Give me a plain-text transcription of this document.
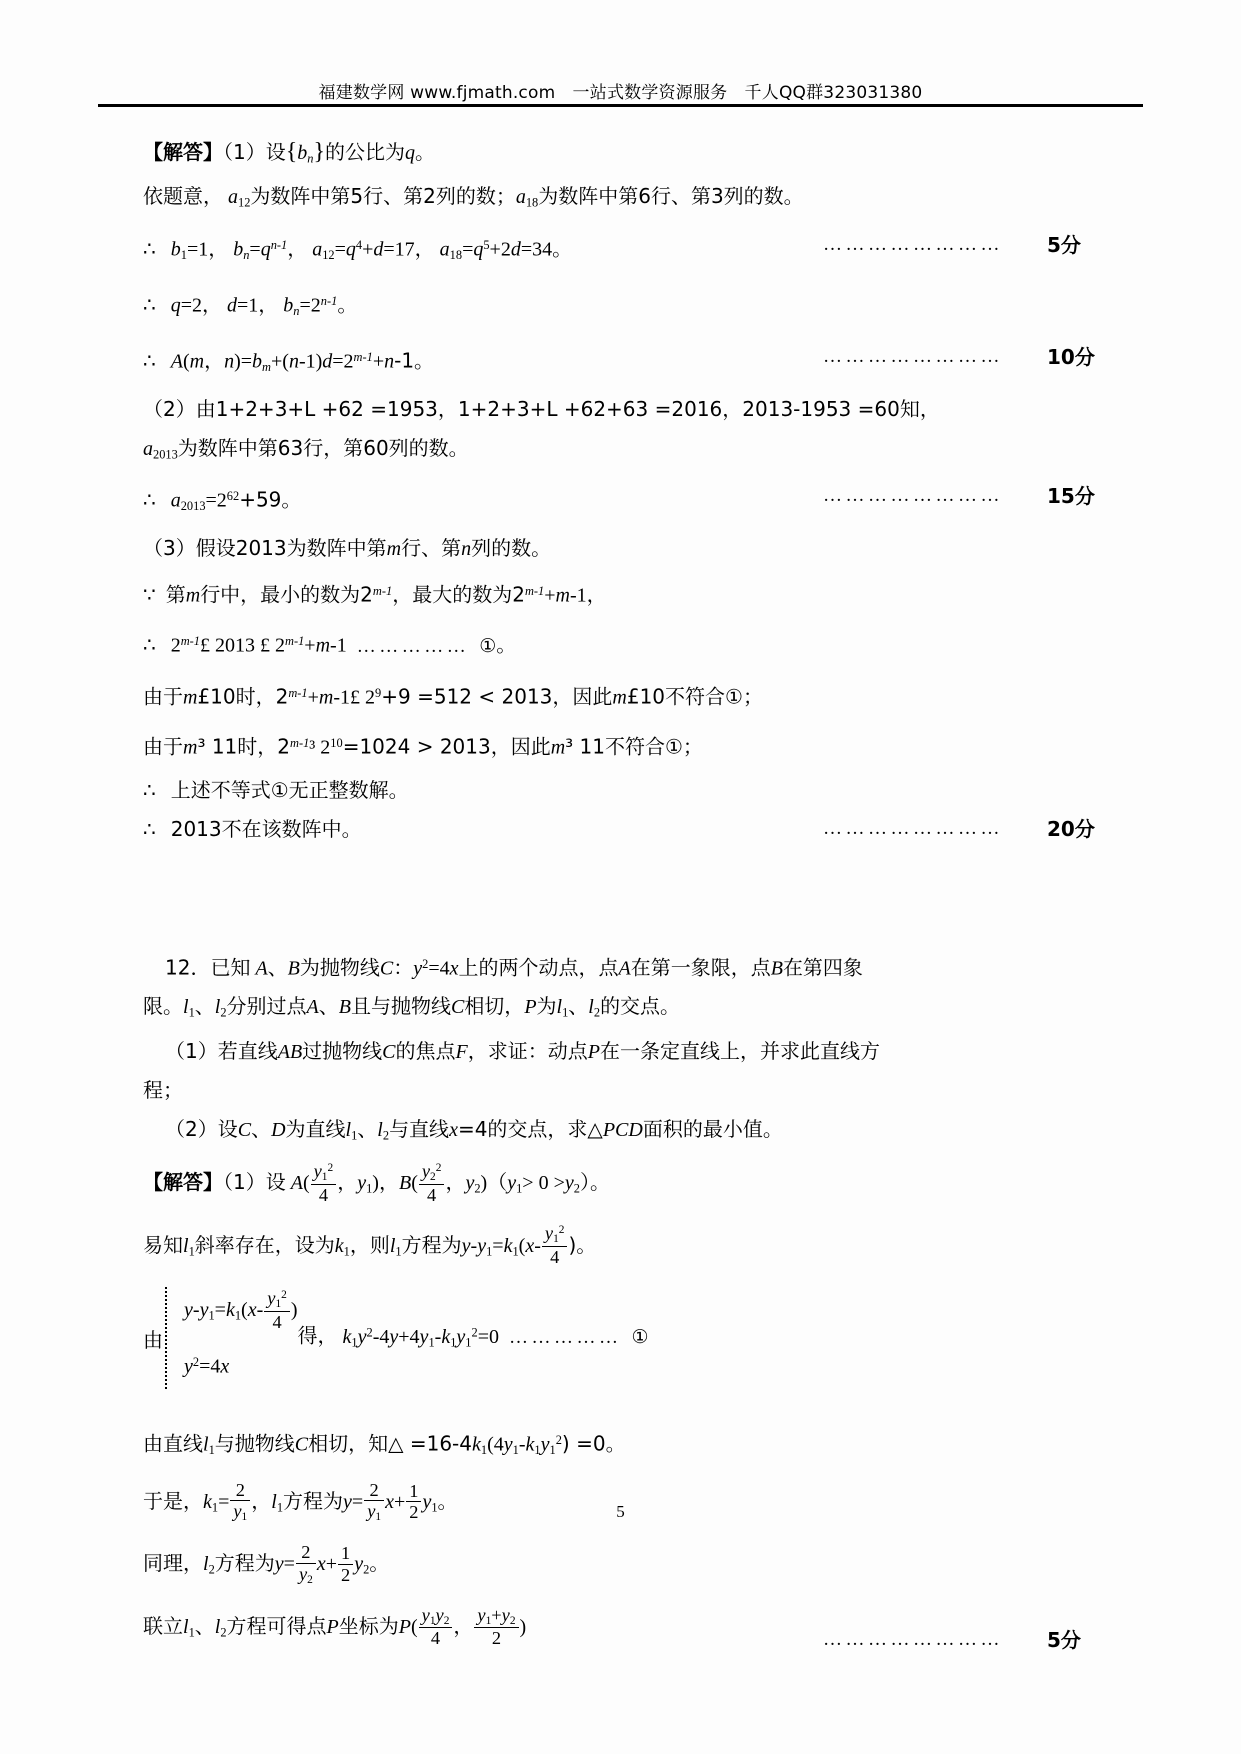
福建数学网 www.fjmath.com　一站式数学资源服务　千人QQ群323031380
【解答】（1）设$\{b_n\}$的公比为q。
依题意， $a_{12}$为数阵中第5行、第2列的数；$a_{18}$为数阵中第6行、第3列的数。
∴ $b_1=1$， $b_n=q^{n-1}$， $a_{12}=q^4+d=17$， $a_{18}=q^5+2d=34$。	…………………… 5分
∴ q=2， d=1， $b_n=2^{n-1}$。
∴ A(m，$n)=b_m+(n-1)d=2^{m-1}+n-1$。	…………………… 10分
（2）由1+2+3+L +62 =1953，1+2+3+L +62+63 =2016，2013-1953 =60知，
$a_{2013}$为数阵中第63行，第60列的数。
∴ $a_{2013}=2^{62}+59$。	…………………… 15分
（3）假设2013为数阵中第m行、第n列的数。
∵ 第m行中，最小的数为2$^{m-1}$，最大的数为$2^{m-1}+m-1$，
∴ 2$^{m-1}$£ 2013 £ $2^{m-1}+m-1$ …………… ①。
由于m£10时，$2^{m-1}+m-1£$ $2^9+9 =512 < 2013$，因此m£10不符合①；
由于m³ 11时，2$^{m-1}$³ $2^{10}=1024 > 2013$，因此m³ 11不符合①；
∴ 上述不等式①无正整数解。
∴ 2013不在该数阵中。	…………………… 20分
12．已知 A、B为抛物线C：$y^2=4x$上的两个动点，点A在第一象限，点B在第四象
限。$l_1$、$l_2$分别过点A、B且与抛物线C相切，P为$l_1$、$l_2$的交点。
（1）若直线AB过抛物线C的焦点F，求证：动点P在一条定直线上，并求此直线方
程；
（2）设C、D为直线$l_1$、$l_2$与直线x=4的交点，求△PCD面积的最小值。
【解答】（1）设 $A( \frac{y_1^2}{4}$ ，$y_1$)，$B( \frac{y_2^2}{4}$ ，$y_2)(y_1> 0 >y_2)$。
易知$l_1$斜率存在，设为$k_1$，则$l_1$方程为$y-y_1=k_1(x- \frac{y_1^2}{4}$ )。
由
$y-y_1=k_1(x- \frac{y_1^2}{4}$ )
$y^2=4x$
得， $k_1y^2-4y+4y_1-k_1y_1^2=0$ …………… ①
由直线$l_1$与抛物线C相切，知△ $=16-4k_1(4y_1-k_1y_1^2) =0$。
于是，$k_1= \frac{2}{y_1}$ ，$l_1$方程为$y= \frac{2}{y_1} x+ \frac{1}{2} y_1$。
同理，$l_2$方程为$y= \frac{2}{y_2} x+ \frac{1}{2} y_2$。
联立$l_1$、$l_2$方程可得点P坐标为$P( \frac{y_1y_2}{4}$ ， $\frac{y_1+y_2}{2}$ )
…………………… 5分
5
